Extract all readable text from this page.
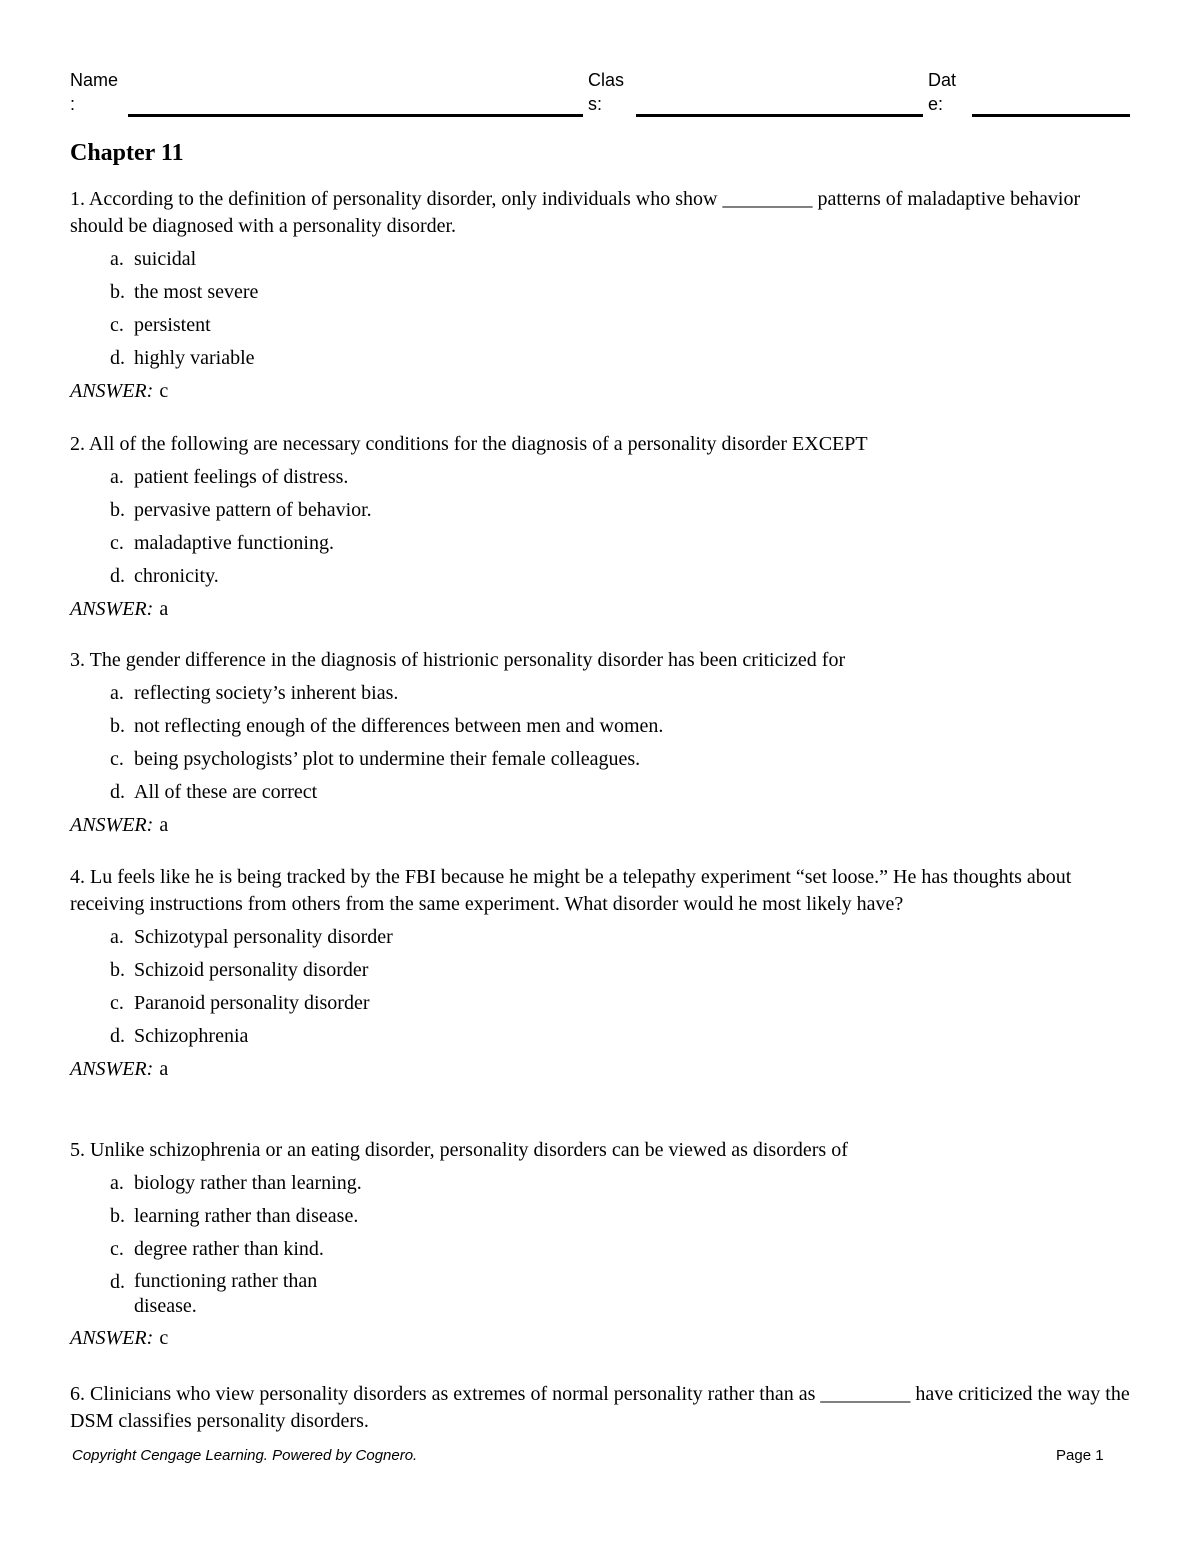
Name
:
Clas
s:
Dat
e:
Chapter 11

1. According to the definition of personality disorder, only individuals who show _________ patterns of maladaptive behavior should be diagnosed with a personality disorder.

a. suicidal
b. the most severe
c. persistent
d. highly variable
ANSWER: c

2. All of the following are necessary conditions for the diagnosis of a personality disorder EXCEPT

a. patient feelings of distress.
b. pervasive pattern of behavior.
c. maladaptive functioning.
d. chronicity.
ANSWER: a

3. The gender difference in the diagnosis of histrionic personality disorder has been criticized for

a. reflecting society’s inherent bias.
b. not reflecting enough of the differences between men and women.
c. being psychologists’ plot to undermine their female colleagues.
d. All of these are correct
ANSWER: a

4. Lu feels like he is being tracked by the FBI because he might be a telepathy experiment “set loose.” He has thoughts about receiving instructions from others from the same experiment. What disorder would he most likely have?

a. Schizotypal personality disorder
b. Schizoid personality disorder
c. Paranoid personality disorder
d. Schizophrenia
ANSWER: a

5. Unlike schizophrenia or an eating disorder, personality disorders can be viewed as disorders of

a. biology rather than learning.
b. learning rather than disease.
c. degree rather than kind.
d. functioning rather than disease.
ANSWER: c

6. Clinicians who view personality disorders as extremes of normal personality rather than as _________ have criticized the way the DSM classifies personality disorders.

Copyright Cengage Learning. Powered by Cognero.	Page 1
